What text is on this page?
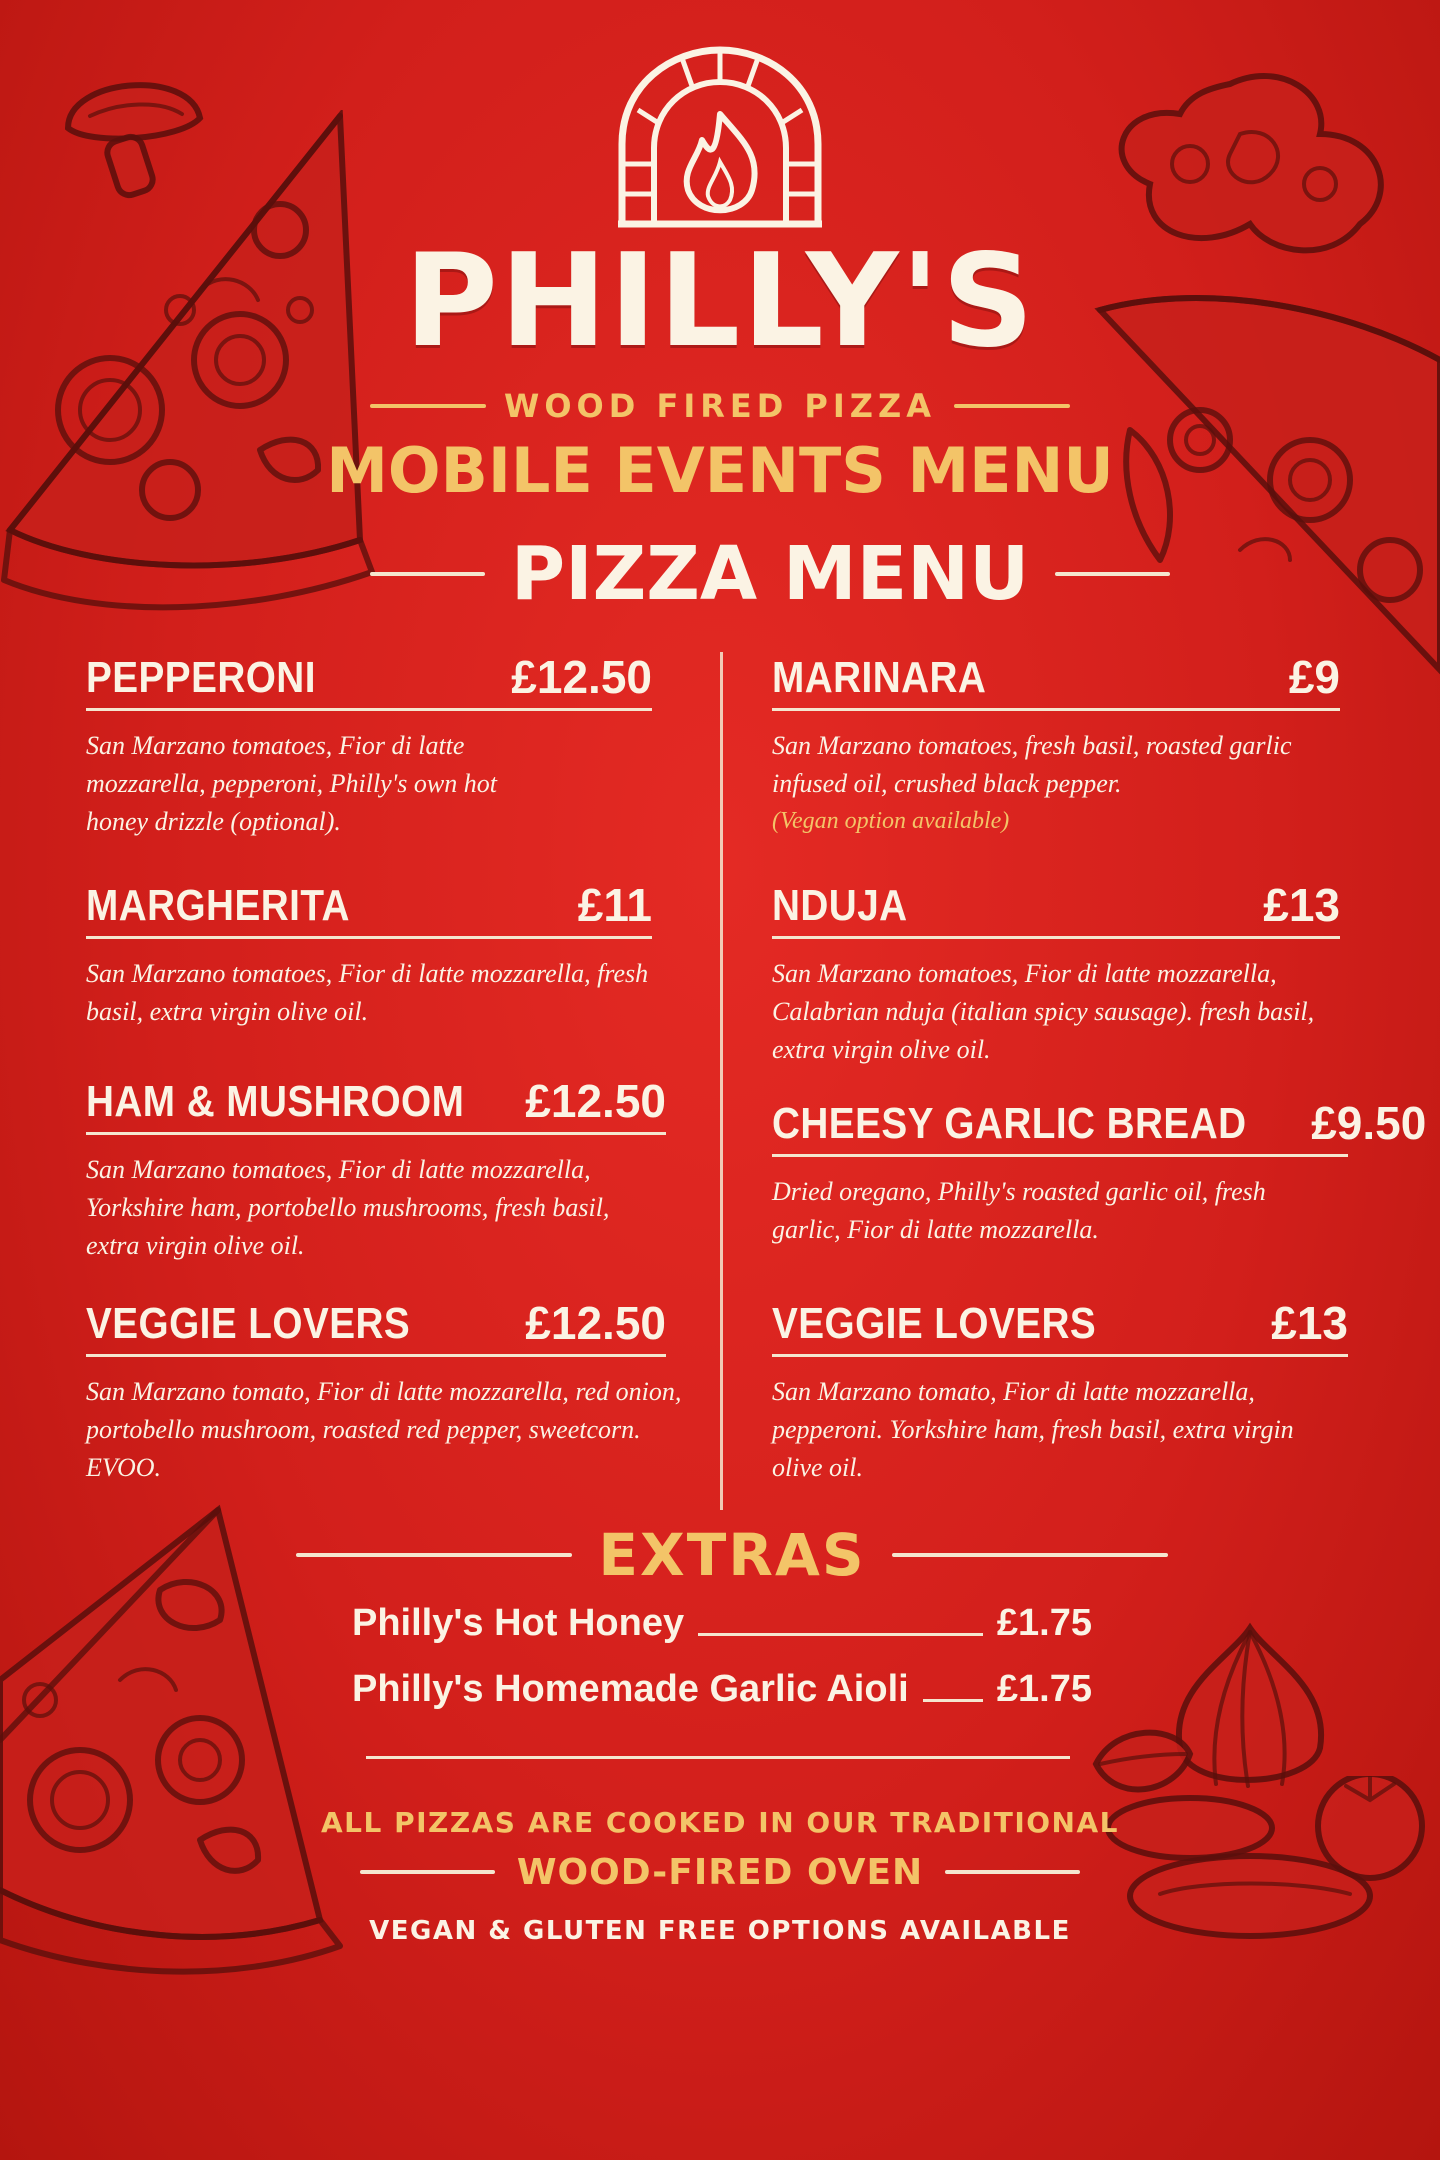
PHILLY'S
WOOD FIRED PIZZA
MOBILE EVENTS MENU
PIZZA MENU
PEPPERONI	£12.50
San Marzano tomatoes, Fior di latte mozzarella, pepperoni, Philly's own hot honey drizzle (optional).
MARGHERITA	£11
San Marzano tomatoes, Fior di latte mozzarella, fresh basil, extra virgin olive oil.
HAM & MUSHROOM £12.50
San Marzano tomatoes, Fior di latte mozzarella, Yorkshire ham, portobello mushrooms, fresh basil, extra virgin olive oil.
VEGGIE LOVERS	£12.50
San Marzano tomato, Fior di latte mozzarella, red onion, portobello mushroom, roasted red pepper, sweetcorn. EVOO.
MARINARA	£9
San Marzano tomatoes, fresh basil, roasted garlic infused oil, crushed black pepper.
(Vegan option available)
NDUJA	£13
San Marzano tomatoes, Fior di latte mozzarella, Calabrian nduja (italian spicy sausage). fresh basil, extra virgin olive oil.
CHEESY GARLIC BREAD £9.50
Dried oregano, Philly's roasted garlic oil, fresh garlic, Fior di latte mozzarella.
VEGGIE LOVERS	£13
San Marzano tomato, Fior di latte mozzarella, pepperoni. Yorkshire ham, fresh basil, extra virgin olive oil.
EXTRAS
Philly's Hot Honey	£1.75
Philly's Homemade Garlic Aioli £1.75
ALL PIZZAS ARE COOKED IN OUR TRADITIONAL
WOOD-FIRED OVEN
VEGAN & GLUTEN FREE OPTIONS AVAILABLE
